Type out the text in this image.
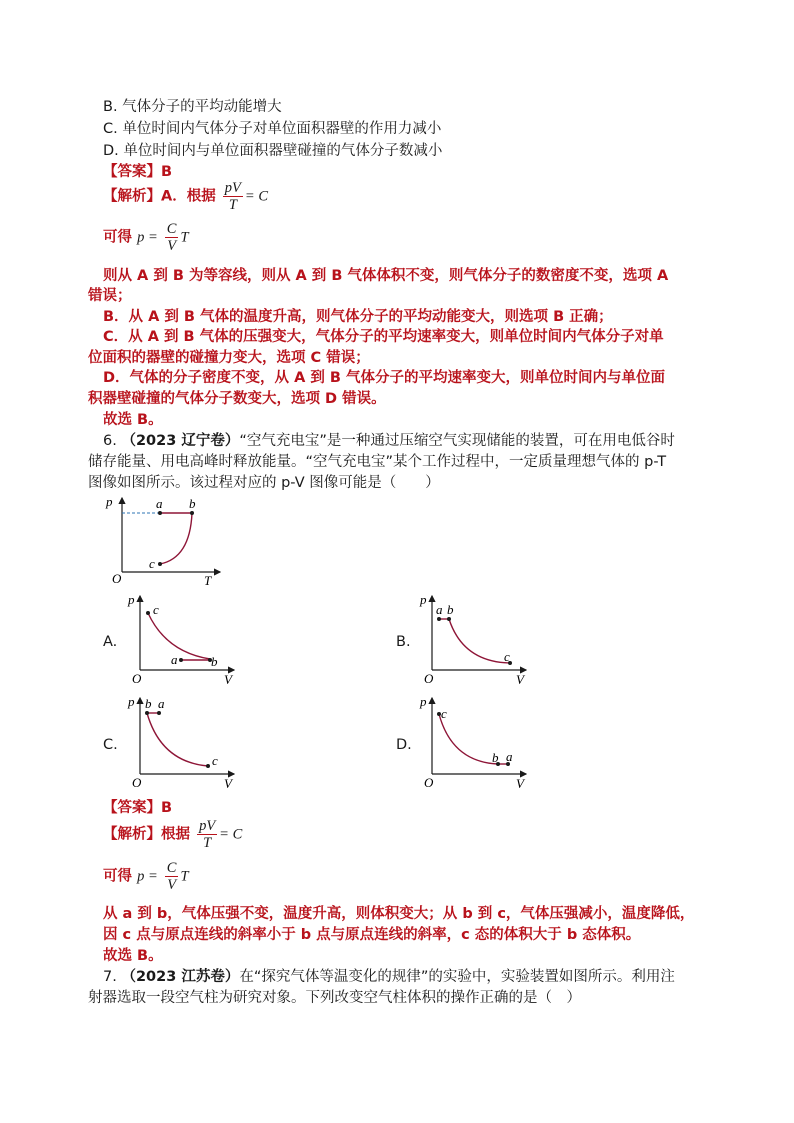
B. 气体分子的平均动能增大
C. 单位时间内气体分子对单位面积器壁的作用力减小
D. 单位时间内与单位面积器壁碰撞的气体分子数减小
【答案】B
【解析】A．根据 $\frac{pV}{T} = C$
可得 $p = \frac{C}{V}$ T
则从 A 到 B 为等容线，则从 A 到 B 气体体积不变，则气体分子的数密度不变，选项 A
错误；
B．从 A 到 B 气体的温度升高，则气体分子的平均动能变大，则选项 B 正确；
C．从 A 到 B 气体的压强变大，气体分子的平均速率变大，则单位时间内气体分子对单
位面积的器壁的碰撞力变大，选项 C 错误；
D．气体的分子密度不变，从 A 到 B 气体分子的平均速率变大，则单位时间内与单位面
积器壁碰撞的气体分子数变大，选项 D 错误。
故选 B。
6. （2023 辽宁卷）“空气充电宝”是一种通过压缩空气实现储能的装置，可在用电低谷时
储存能量、用电高峰时释放能量。“空气充电宝”某个工作过程中，一定质量理想气体的 p-T
图像如图所示。该过程对应的 p-V 图像可能是（　　）
p
T
O
a b
c
A.
p
V
O
c
a	b
B.
p
V
O
a b
c
C.
p
V
O
b a
c
D.
p
V
O
c
b a
【答案】B
【解析】根据 $\frac{pV}{T} = C$
可得 $p = \frac{C}{V}$ T
从 a 到 b，气体压强不变，温度升高，则体积变大；从 b 到 c，气体压强减小，温度降低，
因 c 点与原点连线的斜率小于 b 点与原点连线的斜率，c 态的体积大于 b 态体积。
故选 B。
7. （2023 江苏卷）在“探究气体等温变化的规律”的实验中，实验装置如图所示。利用注
射器选取一段空气柱为研究对象。下列改变空气柱体积的操作正确的是（　）
